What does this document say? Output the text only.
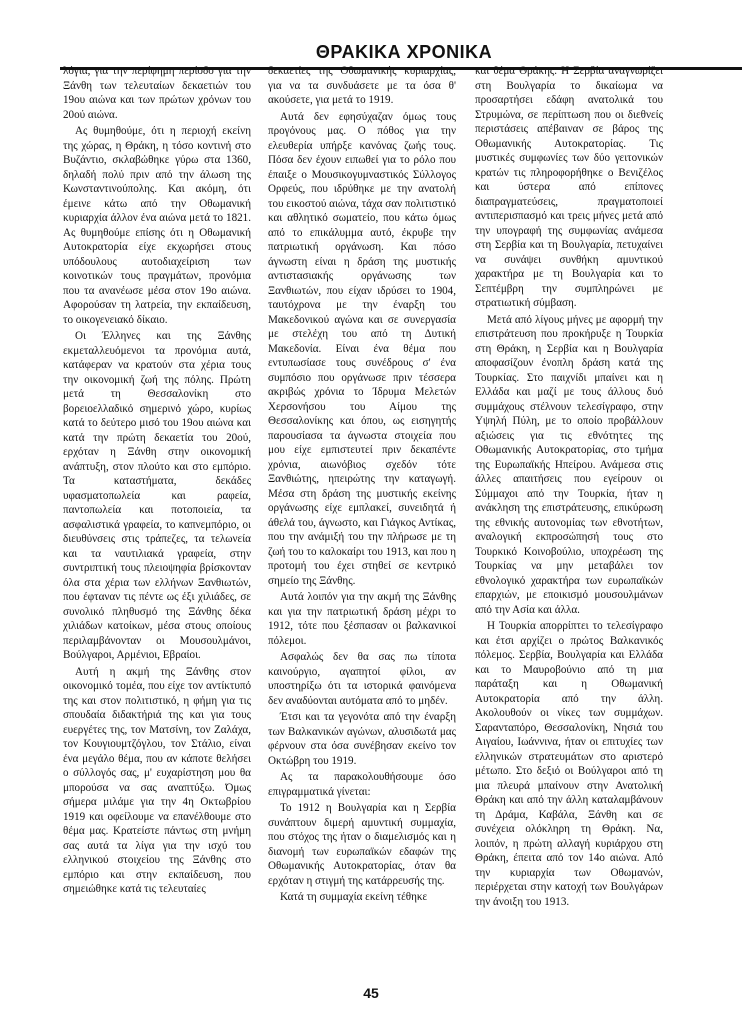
ΘΡΑΚΙΚΑ ΧΡΟΝΙΚΑ

λόγια, για την περίφημη περίοδο για την Ξάνθη των τελευταίων δεκαετιών του 19ου αιώνα και των πρώτων χρόνων του 20ού αιώνα.

Ας θυμηθούμε, ότι η περιοχή εκείνη της χώρας, η Θράκη, η τόσο κοντινή στο Βυζάντιο, σκλαβώθηκε γύρω στα 1360, δηλαδή πολύ πριν από την άλωση της Κωνσταντινούπολης. Και ακόμη, ότι έμεινε κάτω από την Οθωμανική κυριαρχία άλλον ένα αιώνα μετά το 1821. Ας θυμηθούμε επίσης ότι η Οθωμανική Αυτοκρατορία είχε εκχωρήσει στους υπόδουλους αυτοδιαχείριση των κοινοτικών τους πραγμάτων, προνόμια που τα ανανέωσε μέσα στον 19ο αιώνα. Αφορούσαν τη λατρεία, την εκπαίδευση, το οικογενειακό δίκαιο.

Οι Έλληνες και της Ξάνθης εκμεταλλευόμενοι τα προνόμια αυτά, κατάφεραν να κρατούν στα χέρια τους την οικονομική ζωή της πόλης. Πρώτη μετά τη Θεσσαλονίκη στο βορειοελλαδικό σημερινό χώρο, κυρίως κατά το δεύτερο μισό του 19ου αιώνα και κατά την πρώτη δεκαετία του 20ού, ερχόταν η Ξάνθη στην οικονομική ανάπτυξη, στον πλούτο και στο εμπόριο. Τα καταστήματα, δεκάδες υφασματοπωλεία και ραφεία, παντοπωλεία και ποτοποιεία, τα ασφαλιστικά γραφεία, το καπνεμπόριο, οι διευθύνσεις στις τράπεζες, τα τελωνεία και τα ναυτιλιακά γραφεία, στην συντριπτική τους πλειοψηφία βρίσκονταν όλα στα χέρια των ελλήνων Ξανθιωτών, που έφταναν τις πέντε ως έξι χιλιάδες, σε συνολικό πληθυσμό της Ξάνθης δέκα χιλιάδων κατοίκων, μέσα στους οποίους περιλαμβάνονταν οι Μουσουλμάνοι, Βούλγαροι, Αρμένιοι, Εβραίοι.

Αυτή η ακμή της Ξάνθης στον οικονομικό τομέα, που είχε τον αντίκτυπό της και στον πολιτιστικό, η φήμη για τις σπουδαία διδακτήριά της και για τους ευεργέτες της, τον Ματσίνη, τον Ζαλάχα, τον Κουγιουμτζόγλου, τον Στάλιο, είναι ένα μεγάλο θέμα, που αν κάποτε θελήσει ο σύλλογός σας, μ' ευχαρίστηση μου θα μπορούσα να σας αναπτύξω. Όμως σήμερα μιλάμε για την 4η Οκτωβρίου 1919 και οφείλουμε να επανέλθουμε στο θέμα μας. Κρατείστε πάντως στη μνήμη σας αυτά τα λίγα για την ισχύ του ελληνικού στοιχείου της Ξάνθης στο εμπόριο και στην εκπαίδευση, που σημειώθηκε κατά τις τελευταίες

δεκαετίες της Οθωμανικής κυριαρχίας, για να τα συνδυάσετε με τα όσα θ' ακούσετε, για μετά το 1919.

Αυτά δεν εφησύχαζαν όμως τους προγόνους μας. Ο πόθος για την ελευθερία υπήρξε κανόνας ζωής τους. Πόσα δεν έχουν ειπωθεί για το ρόλο που έπαιξε ο Μουσικογυμναστικός Σύλλογος Ορφεύς, που ιδρύθηκε με την ανατολή του εικοστού αιώνα, τάχα σαν πολιτιστικό και αθλητικό σωματείο, που κάτω όμως από το επικάλυμμα αυτό, έκρυβε την πατριωτική οργάνωση. Και πόσο άγνωστη είναι η δράση της μυστικής αντιστασιακής οργάνωσης των Ξανθιωτών, που είχαν ιδρύσει το 1904, ταυτόχρονα με την έναρξη του Μακεδονικού αγώνα και σε συνεργασία με στελέχη του από τη Δυτική Μακεδονία. Είναι ένα θέμα που εντυπωσίασε τους συνέδρους σ' ένα συμπόσιο που οργάνωσε πριν τέσσερα ακριβώς χρόνια το Ίδρυμα Μελετών Χερσονήσου του Αίμου της Θεσσαλονίκης και όπου, ως εισηγητής παρουσίασα τα άγνωστα στοιχεία που μου είχε εμπιστευτεί πριν δεκαπέντε χρόνια, αιωνόβιος σχεδόν τότε Ξανθιώτης, ηπειρώτης την καταγωγή. Μέσα στη δράση της μυστικής εκείνης οργάνωσης είχε εμπλακεί, συνειδητά ή άθελά του, άγνωστο, και Γιάγκος Αντίκας, που την ανάμιξή του την πλήρωσε με τη ζωή του το καλοκαίρι του 1913, και που η προτομή του έχει στηθεί σε κεντρικό σημείο της Ξάνθης.

Αυτά λοιπόν για την ακμή της Ξάνθης και για την πατριωτική δράση μέχρι το 1912, τότε που ξέσπασαν οι βαλκανικοί πόλεμοι.

Ασφαλώς δεν θα σας πω τίποτα καινούργιο, αγαπητοί φίλοι, αν υποστηρίξω ότι τα ιστορικά φαινόμενα δεν αναδύονται αυτόματα από το μηδέν.

Έτσι και τα γεγονότα από την έναρξη των Βαλκανικών αγώνων, αλυσιδωτά μας φέρνουν στα όσα συνέβησαν εκείνο τον Οκτώβρη του 1919.

Ας τα παρακολουθήσουμε όσο επιγραμματικά γίνεται:

Το 1912 η Βουλγαρία και η Σερβία συνάπτουν διμερή αμυντική συμμαχία, που στόχος της ήταν ο διαμελισμός και η διανομή των ευρωπαϊκών εδαφών της Οθωμανικής Αυτοκρατορίας, όταν θα ερχόταν η στιγμή της κατάρρευσής της.

Κατά τη συμμαχία εκείνη τέθηκε

και θέμα Θράκης. Η Σερβία αναγνωρίζει στη Βουλγαρία το δικαίωμα να προσαρτήσει εδάφη ανατολικά του Στρυμώνα, σε περίπτωση που οι διεθνείς περιστάσεις απέβαιναν σε βάρος της Οθωμανικής Αυτοκρατορίας. Τις μυστικές συμφωνίες των δύο γειτονικών κρατών τις πληροφορήθηκε ο Βενιζέλος και ύστερα από επίπονες διαπραγματεύσεις, πραγματοποιεί αντιπερισπασμό και τρεις μήνες μετά από την υπογραφή της συμφωνίας ανάμεσα στη Σερβία και τη Βουλγαρία, πετυχαίνει να συνάψει συνθήκη αμυντικού χαρακτήρα με τη Βουλγαρία και το Σεπτέμβρη την συμπληρώνει με στρατιωτική σύμβαση.

Μετά από λίγους μήνες με αφορμή την επιστράτευση που προκήρυξε η Τουρκία στη Θράκη, η Σερβία και η Βουλγαρία αποφασίζουν ένοπλη δράση κατά της Τουρκίας. Στο παιχνίδι μπαίνει και η Ελλάδα και μαζί με τους άλλους δυό συμμάχους στέλνουν τελεσίγραφο, στην Υψηλή Πύλη, με το οποίο προβάλλουν αξιώσεις για τις εθνότητες της Οθωμανικής Αυτοκρατορίας, στο τμήμα της Ευρωπαϊκής Ηπείρου. Ανάμεσα στις άλλες απαιτήσεις που εγείρουν οι Σύμμαχοι από την Τουρκία, ήταν η ανάκληση της επιστράτευσης, επικύρωση της εθνικής αυτονομίας των εθνοτήτων, αναλογική εκπροσώπησή τους στο Τουρκικό Κοινοβούλιο, υποχρέωση της Τουρκίας να μην μεταβάλει τον εθνολογικό χαρακτήρα των ευρωπαϊκών επαρχιών, με εποικισμό μουσουλμάνων από την Ασία και άλλα.

Η Τουρκία απορρίπτει το τελεσίγραφο και έτσι αρχίζει ο πρώτος Βαλκανικός πόλεμος. Σερβία, Βουλγαρία και Ελλάδα και το Μαυροβούνιο από τη μια παράταξη και η Οθωμανική Αυτοκρατορία από την άλλη. Ακολουθούν οι νίκες των συμμάχων. Σαρανταπόρο, Θεσσαλονίκη, Νησιά του Αιγαίου, Ιωάννινα, ήταν οι επιτυχίες των ελληνικών στρατευμάτων στο αριστερό μέτωπο. Στο δεξιό οι Βούλγαροι από τη μια πλευρά μπαίνουν στην Ανατολική Θράκη και από την άλλη καταλαμβάνουν τη Δράμα, Καβάλα, Ξάνθη και σε συνέχεια ολόκληρη τη Θράκη. Να, λοιπόν, η πρώτη αλλαγή κυριάρχου στη Θράκη, έπειτα από τον 14ο αιώνα. Από την κυριαρχία των Οθωμανών, περιέρχεται στην κατοχή των Βουλγάρων την άνοιξη του 1913.

45
